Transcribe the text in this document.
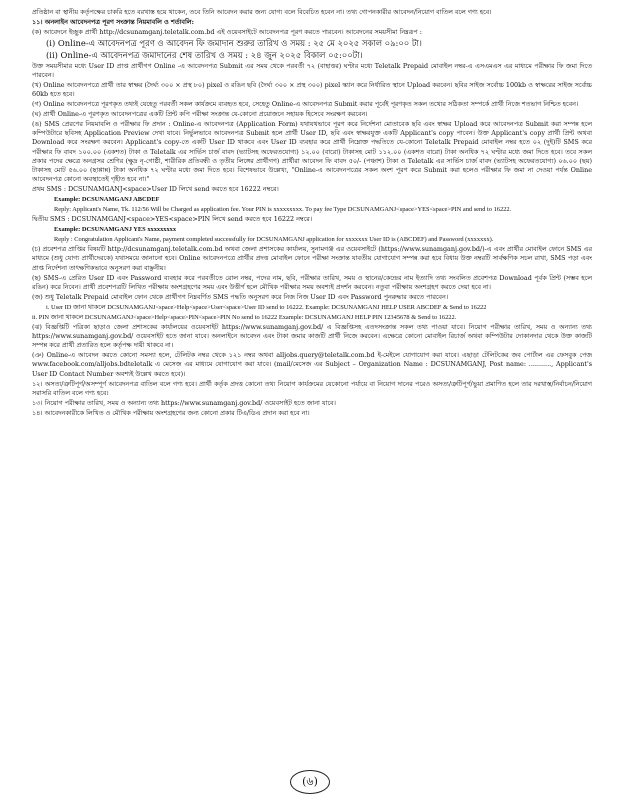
প্রতিষ্ঠান বা স্থানীয় কর্তৃপক্ষের চাকরি হতে বরখাস্ত হয়ে থাকেন, তবে তিনি আবেদন করার জন্য যোগ্য বলে বিবেচিত হবেন না। তথ্য গোপনকারীর আবেদন/নিয়োগ বাতিল বলে গণ্য হবে।

১১। অনলাইন আবেদনপত্র পূরণ সংক্রান্ত নিয়মাবলি ও শর্তাবলি:

(ক) আবেদনে ইচ্ছুক প্রার্থী http://dcsunamganj.teletalk.com.bd এই ওয়েবসাইটে আবেদনপত্র পূরণ করতে পারবেন। আবেদনের সময়সীমা নিম্নরূপ :

(i) Online-এ আবেদনপত্র পূরণ ও আবেদন ফি জমাদান শুরুর তারিখ ও সময় : ২৫ মে ২০২৫ সকাল ০৯:০০ টা।

(ii) Online-এ আবেদনপত্র জমাদানের শেষ তারিখ ও সময় : ২৪ জুন ২০২৫ বিকাল ০৫:০০টা।

উক্ত সময়সীমার মধ্যে User ID প্রাপ্ত প্রার্থীগণ Online -এ আবেদনপত্র Submit এর সময় থেকে পরবর্তী ৭২ (বাহাত্তর) ঘণ্টার মধ্যে Teletalk Prepaid মোবাইল নম্বর-এ এসএমএস এর মাধ্যমে পরীক্ষার ফি জমা দিতে পারবেন।

(খ) Online আবেদনপত্রে প্রার্থী তার স্বাক্ষর (দৈর্ঘ্য ৩০০ × প্রস্থ ৮০) pixel ও রঙিন ছবি (দৈর্ঘ্য ৩০০ × প্রস্থ ৩০০) pixel স্ক্যান করে নির্ধারিত স্থানে Upload করবেন। ছবির সাইজ সর্বোচ্চ 100kb ও স্বাক্ষরের সাইজ সর্বোচ্চ 60kb হতে হবে।

(গ) Online আবেদনপত্রে পূরণকৃত তথ্যই যেহেতু পরবর্তী সকল কার্যক্রমে ব্যবহৃত হবে, সেহেতু Online-এ আবেদনপত্র Submit করার পূর্বেই পূরণকৃত সকল তথ্যের সঠিকতা সম্পর্কে প্রার্থী নিজে শতভাগ নিশ্চিত হবেন।

(ঘ) প্রার্থী Online-এ পূরণকৃত আবেদনপত্রের একটি প্রিন্ট কপি পরীক্ষা সংক্রান্ত যে-কোনো প্রয়োজনে সহায়ক হিসেবে সংরক্ষণ করবেন।

(ঙ) SMS প্রেরণের নিয়মাবলি ও পরীক্ষার ফি প্রদান : Online-এ আবেদনপত্র (Application Form) যথাযথভাবে পূরণ করে নির্দেশনা মোতাবেক ছবি এবং স্বাক্ষর Upload করে আবেদনপত্র Submit করা সম্পন্ন হলে কম্পিউটারে ছবিসহ Application Preview দেখা যাবে। নির্ভুলভাবে আবেদনপত্র Submit হলে প্রার্থী User ID, ছবি এবং স্বাক্ষরযুক্ত একটি Applicant's copy পাবেন। উক্ত Applicant's copy প্রার্থী প্রিন্ট অথবা Download করে সংরক্ষণ করবেন। Applicant's copy-তে একটি User ID থাকবে এবং User ID ব্যবহার করে প্রার্থী নিম্নোক্ত পদ্ধতিতে যে-কোনো Teletalk Prepaid মোবাইল নম্বর হতে ০২ (দুই)টি SMS করে পরীক্ষার ফি বাবদ ১০০.০০ (একশত) টাকা ও Teletalk এর সার্ভিস চার্জ বাবদ (ভ্যাটসহ অফেরতযোগ্য) ১২.০০ (বারো) টাকাসহ মোট ১১২.০০ (একশত বারো) টাকা অনধিক ৭২ ঘণ্টার মধ্যে জমা দিতে হবে। তবে সকল প্রকার পদের ক্ষেত্রে অনগ্রসর শ্রেণির (ক্ষুদ্র নৃ-গোষ্ঠী, শারীরিক প্রতিবন্ধী ও তৃতীয় লিঙ্গের প্রার্থীগণ) প্রার্থীরা আবেদন ফি বাবদ ৫০/- (পঞ্চাশ) টাকা ও Teletalk এর সার্ভিস চার্জ বাবদ (ভ্যাটসহ অফেরতযোগ্য) ০৬.০০ (ছয়) টাকাসহ মোট ৫৬.০০ (ছাপ্পান্ন) টাকা অনধিক ৭২ ঘণ্টার মধ্যে জমা দিতে হবে। বিশেষভাবে উল্লেখ্য, "Online-এ আবেদনপত্রের সকল অংশ পূরণ করে Submit করা হলেও পরীক্ষার ফি জমা না দেওয়া পর্যন্ত Online আবেদনপত্র কোনো অবস্থাতেই গৃহীত হবে না।"

প্রথম SMS : DCSUNAMGANJ<space>User ID লিখে send করতে হবে 16222 নম্বরে।

Example: DCSUNAMGANJ ABCDEF

Reply: Applicant's Name, Tk. 112/56 Will be Charged as application fee. Your PIN is xxxxxxxxx. To pay fee Type DCSUNAMGANJ<space>YES<space>PIN and send to 16222.

দ্বিতীয় SMS : DCSUNAMGANJ<space>YES<space>PIN লিখে send করতে হবে 16222 নম্বরে।

Example: DCSUNAMGANJ YES xxxxxxxxx

Reply : Congratulation Applicant's Name, payment completed successfully for DCSUNAMGANJ application for xxxxxxx User ID is (ABCDEF) and Password (xxxxxxx).

(চ) প্রবেশপত্র প্রাপ্তির বিষয়টি http://dcsunamganj.teletalk.com.bd অথবা জেলা প্রশাসকের কার্যালয়, সুনামগঞ্জ এর ওয়েবসাইটে (https://www.sunamganj.gov.bd/)-এ এবং প্রার্থীর মোবাইল ফোনে SMS এর মাধ্যমে (শুধু যোগ্য প্রার্থীদেরকে) যথাসময়ে জানানো হবে। Online আবেদনপত্রে প্রার্থীর প্রদত্ত মোবাইল ফোনে পরীক্ষা সংক্রান্ত যাবতীয় যোগাযোগ সম্পন্ন করা হবে বিধায় উক্ত নম্বরটি সার্বক্ষণিক সচল রাখা, SMS পড়া এবং প্রাপ্ত নির্দেশনা তাৎক্ষণিকভাবে অনুসরণ করা বাঞ্ছনীয়।

(ছ) SMS-এ প্রেরিত User ID এবং Password ব্যবহার করে পরবর্তীতে রোল নম্বর, পদের নাম, ছবি, পরীক্ষার তারিখ, সময় ও স্থানের/কেন্দ্রের নাম ইত্যাদি তথ্য সংবলিত প্রবেশপত্র Download পূর্বক প্রিন্ট (সম্ভব হলে রঙিন) করে নিবেন। প্রার্থী প্রবেশপত্রটি লিখিত পরীক্ষায় অংশগ্রহণের সময় এবং উত্তীর্ণ হলে মৌখিক পরীক্ষার সময় অবশ্যই প্রদর্শন করবেন। নতুবা পরীক্ষায় অংশগ্রহণ করতে দেয়া হবে না।

(জ) শুধু Teletalk Prepaid মোবাইল ফোন থেকে প্রার্থীগণ নিম্নবর্ণিত SMS পদ্ধতি অনুসরণ করে নিজ নিজ User ID এবং Password পুনরুদ্ধার করতে পারবেন।

i. User ID জানা থাকলে DCSUNAMGANJ<space>Help<space>User<space>User ID send to 16222. Example: DCSUNAMGANJ HELP USER ABCDEF & Send to 16222

ii. PIN জানা থাকলে DCSUNAMGANJ<space>Help<space>PIN<space>PIN No send to 16222 Example: DCSUNAMGANJ HELP PIN 12345678 & Send to 16222.

(ঝ) বিজ্ঞপ্তিটি পত্রিকা ছাড়াও জেলা প্রশাসকের কার্যালয়ের ওয়েবসাইট https://www.sunamganj.gov.bd/ এ বিজ্ঞপ্তিসহ এতদসংক্রান্ত সকল তথ্য পাওয়া যাবে। নিয়োগ পরীক্ষার তারিখ, সময় ও অন্যান্য তথ্য https://www.sunamganj.gov.bd/ ওয়েবসাইট হতে জানা যাবে। অনলাইনে আবেদন এবং টাকা জমার কাজটি প্রার্থী নিজে করবেন। এক্ষেত্রে কোনো মোবাইল রিচার্জ অথবা কম্পিউটার দোকানদার থেকে উক্ত কাজটি সম্পন্ন করে প্রার্থী প্রতারিত হলে কর্তৃপক্ষ দায়ী থাকবে না।

(ঞ) Online-এ আবেদন করতে কোনো সমস্যা হলে, টেলিটক নম্বর থেকে ১২১ নম্বর অথবা alljobs.query@teletalk.com.bd ই-মেইলে যোগাযোগ করা যাবে। এছাড়া টেলিটকের জব পোর্টাল এর ফেসবুক পেজ www.facebook.com/alljobs.bdteletalk এ মেসেজ এর মাধ্যমে যোগাযোগ করা যাবে। (mail/মেসেজ এর Subject – Organization Name : DCSUNAMGANJ, Post name: ..........., Applicant's User ID Contact Number অবশ্যই উল্লেখ করতে হবে)।

১২। অসত্য/ত্রুটিপূর্ণ/অসম্পূর্ণ আবেদনপত্র বাতিল বলে গণ্য হবে। প্রার্থী কর্তৃক প্রদত্ত কোনো তথ্য নিয়োগ কার্যক্রমের যেকোনো পর্যায়ে বা নিয়োগ দানের পরেও অসত্য/ত্রুটিপূর্ণ/ভুয়া প্রমাণিত হলে তার দরখাস্ত/নির্বাচন/নিয়োগ সরাসরি বাতিল বলে গণ্য হবে।

১৩। নিয়োগ পরীক্ষার তারিখ, সময় ও অন্যান্য তথ্য https://www.sunamganj.gov.bd/ ওয়েবসাইট হতে জানা যাবে।

১৪। আবেদনকারীকে লিখিত ও মৌখিক পরীক্ষায় অংশগ্রহণের জন্য কোনো প্রকার টিএ/ডিএ প্রদান করা হবে না।

(৬)
